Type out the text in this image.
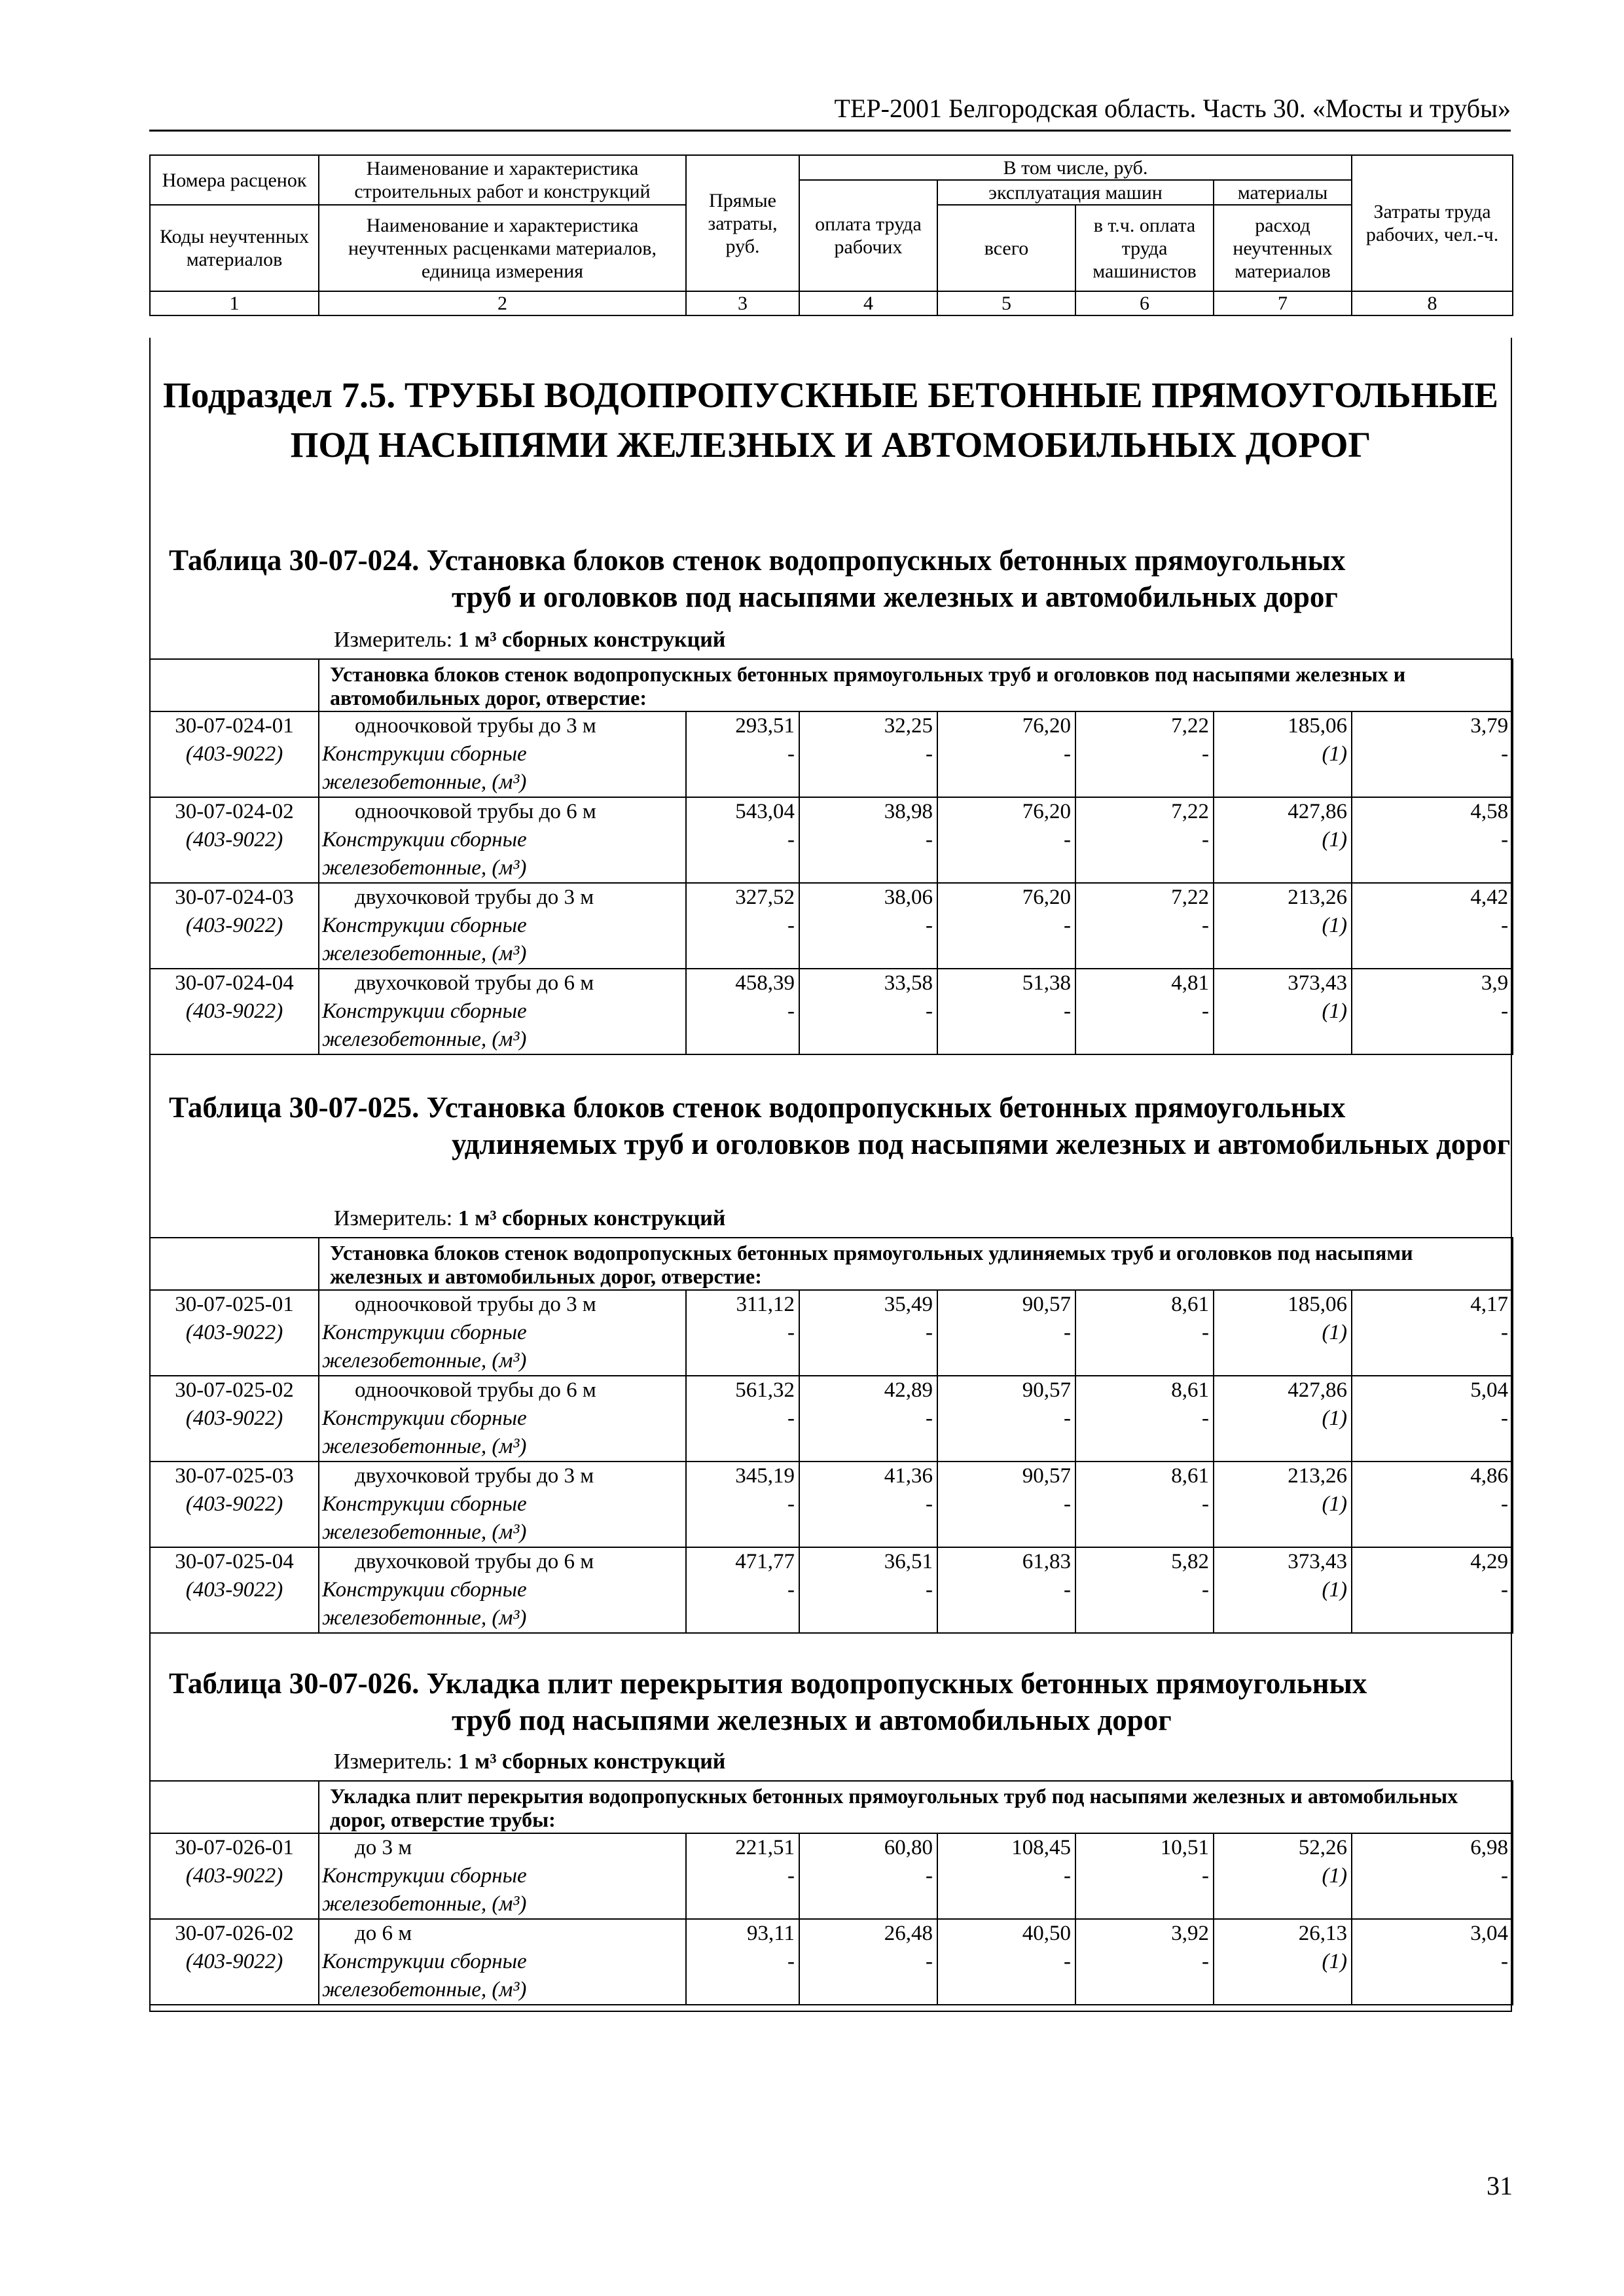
ТЕР-2001 Белгородская область. Часть 30. «Мосты и трубы»
Номера расценок	Наименование и характеристика строительных работ и конструкций	Прямые затраты, руб.	В том числе, руб.				Затраты труда рабочих, чел.-ч.
			оплата труда рабочих	эксплуатация машин		материалы	
Коды неучтенных материалов	Наименование и характеристика неучтенных расценками материалов, единица измерения			всего	в т.ч. оплата труда машинистов	расход неучтенных материалов	

1	2	3	4	5	6	7	8
Подраздел 7.5. ТРУБЫ ВОДОПРОПУСКНЫЕ БЕТОННЫЕ ПРЯМОУГОЛЬНЫЕ ПОД НАСЫПЯМИ ЖЕЛЕЗНЫХ И АВТОМОБИЛЬНЫХ ДОРОГ
Таблица 30-07-024. Установка блоков стенок водопропускных бетонных прямоугольных
труб и оголовков под насыпями железных и автомобильных дорог
Измеритель: 1 м³ сборных конструкций
	Установка блоков стенок водопропускных бетонных прямоугольных труб и оголовков под насыпями железных и автомобильных дорог, отверстие:						
30-07-024-01	одноочковой трубы до 3 м	293,51	32,25	76,20	7,22	185,06	3,79
(403-9022)	Конструкции сборные железобетонные, (м³)	-	-	-	-	(1)	-
30-07-024-02	одноочковой трубы до 6 м	543,04	38,98	76,20	7,22	427,86	4,58
(403-9022)	Конструкции сборные железобетонные, (м³)	-	-	-	-	(1)	-
30-07-024-03	двухочковой трубы до 3 м	327,52	38,06	76,20	7,22	213,26	4,42
(403-9022)	Конструкции сборные железобетонные, (м³)	-	-	-	-	(1)	-
30-07-024-04	двухочковой трубы до 6 м	458,39	33,58	51,38	4,81	373,43	3,9
(403-9022)	Конструкции сборные железобетонные, (м³)	-	-	-	-	(1)	-
Таблица 30-07-025. Установка блоков стенок водопропускных бетонных прямоугольных
удлиняемых труб и оголовков под насыпями железных и автомобильных дорог
Измеритель: 1 м³ сборных конструкций
	Установка блоков стенок водопропускных бетонных прямоугольных удлиняемых труб и оголовков под насыпями железных и автомобильных дорог, отверстие:						
30-07-025-01	одноочковой трубы до 3 м	311,12	35,49	90,57	8,61	185,06	4,17
(403-9022)	Конструкции сборные железобетонные, (м³)	-	-	-	-	(1)	-
30-07-025-02	одноочковой трубы до 6 м	561,32	42,89	90,57	8,61	427,86	5,04
(403-9022)	Конструкции сборные железобетонные, (м³)	-	-	-	-	(1)	-
30-07-025-03	двухочковой трубы до 3 м	345,19	41,36	90,57	8,61	213,26	4,86
(403-9022)	Конструкции сборные железобетонные, (м³)	-	-	-	-	(1)	-
30-07-025-04	двухочковой трубы до 6 м	471,77	36,51	61,83	5,82	373,43	4,29
(403-9022)	Конструкции сборные железобетонные, (м³)	-	-	-	-	(1)	-
Таблица 30-07-026. Укладка плит перекрытия водопропускных бетонных прямоугольных
труб под насыпями железных и автомобильных дорог
Измеритель: 1 м³ сборных конструкций
	Укладка плит перекрытия водопропускных бетонных прямоугольных труб под насыпями железных и автомобильных дорог, отверстие трубы:						
30-07-026-01	до 3 м	221,51	60,80	108,45	10,51	52,26	6,98
(403-9022)	Конструкции сборные железобетонные, (м³)	-	-	-	-	(1)	-
30-07-026-02	до 6 м	93,11	26,48	40,50	3,92	26,13	3,04
(403-9022)	Конструкции сборные железобетонные, (м³)	-	-	-	-	(1)	-
31
